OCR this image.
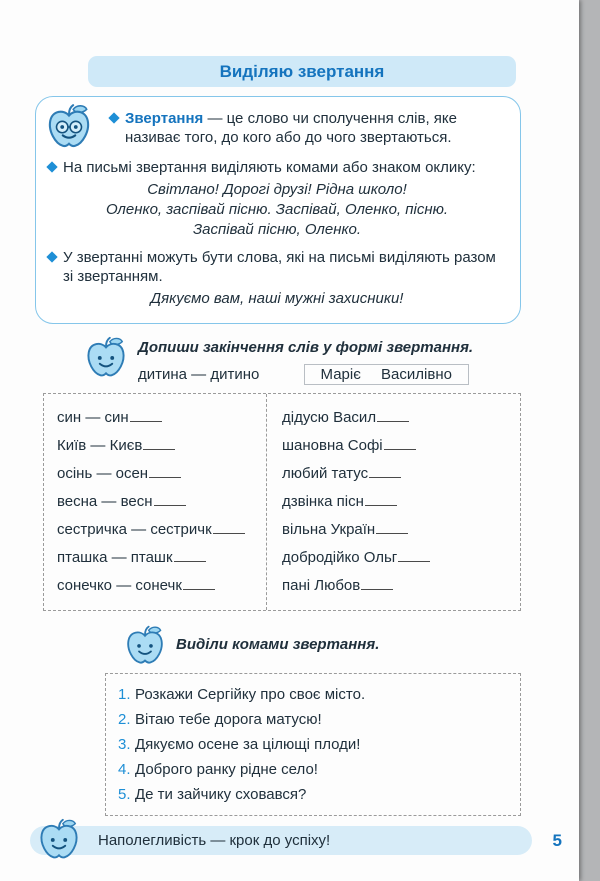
Виділяю звертання

Звертання — це слово чи сполучення слів, яке називає того, до кого або до чого звертаються.

На письмі звертання виділяють комами або знаком оклику:

Світлано! Дорогі друзі! Рідна школо!

Оленко, заспівай пісню. Заспівай, Оленко, пісню.

Заспівай пісню, Оленко.

У звертанні можуть бути слова, які на письмі виділяють разом зі звертанням.

Дякуємо вам, наші мужні захисники!

Допиши закінчення слів у формі звертання.

дитина — дитино	Маріє Василівно

син — син
Київ — Києв
осінь — осен
весна — весн
сестричка — сестричк
пташка — пташк
сонечко — сонечк
дідусю Васил
шановна Софі
любий татус
дзвінка пісн
вільна Україн
добродійко Ольг
пані Любов

Виділи комами звертання.

1. Розкажи Сергійку про своє місто.
2. Вітаю тебе дорога матусю!
3. Дякуємо осене за цілющі плоди!
4. Доброго ранку рідне село!
5. Де ти зайчику сховався?
Наполегливість — крок до успіху!	5
